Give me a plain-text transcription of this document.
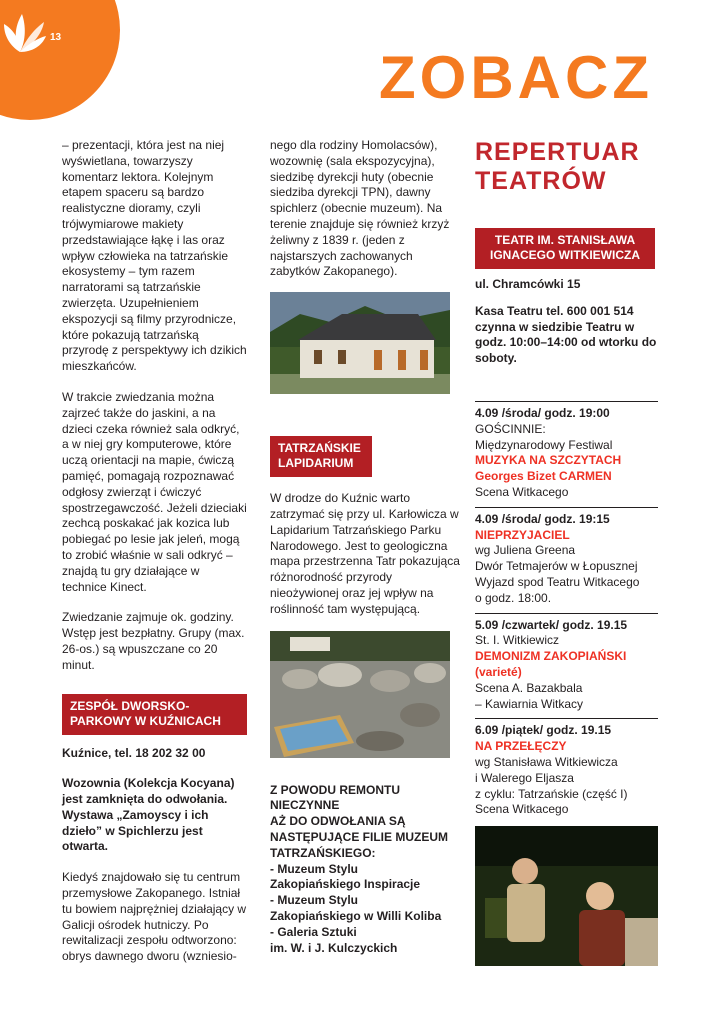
13
ZOBACZ

– prezentacji, która jest na niej wyświetlana, towarzyszy komentarz lektora. Kolejnym etapem spaceru są bardzo realistyczne dioramy, czyli trójwymiarowe makiety przedstawiające łąkę i las oraz wpływ człowieka na tatrzańskie ekosystemy – tym razem narratorami są tatrzańskie zwierzęta. Uzupełnieniem ekspozycji są filmy przyrodnicze, które pokazują tatrzańską przyrodę z perspektywy ich dzikich mieszkańców.

W trakcie zwiedzania można zajrzeć także do jaskini, a na dzieci czeka również sala odkryć, a w niej gry komputerowe, które uczą orientacji na mapie, ćwiczą pamięć, pomagają rozpoznawać odgłosy zwierząt i ćwiczyć spostrzegawczość. Jeżeli dzieciaki zechcą poskakać jak kozica lub pobiegać po lesie jak jeleń, mogą to zrobić właśnie w sali odkryć – znajdą tu gry działające w technice Kinect.

Zwiedzanie zajmuje ok. godziny. Wstęp jest bezpłatny. Grupy (max. 26-os.) są wpuszczane co 20 minut.

ZESPÓŁ DWORSKO-PARKOWY W KUŹNICACH

Kuźnice, tel. 18 202 32 00

Wozownia (Kolekcja Kocyana) jest zamknięta do odwołania. Wystawa „Zamoyscy i ich dzieło” w Spichlerzu jest otwarta.

Kiedyś znajdowało się tu centrum przemysłowe Zakopanego. Istniał tu bowiem najprężniej działający w Galicji ośrodek hutniczy. Po rewitalizacji zespołu odtworzono: obrys dawnego dworu (wzniesio-

nego dla rodziny Homolacsów), wozownię (sala ekspozycyjna), siedzibę dyrekcji huty (obecnie siedziba dyrekcji TPN), dawny spichlerz (obecnie muzeum). Na terenie znajduje się również krzyż żeliwny z 1839 r. (jeden z najstarszych zachowanych zabytków Zakopanego).

TATRZAŃSKIE LAPIDARIUM

W drodze do Kuźnic warto zatrzymać się przy ul. Karłowicza w Lapidarium Tatrzańskiego Parku Narodowego. Jest to geologiczna mapa przestrzenna Tatr pokazująca różnorodność przyrody nieożywionej oraz jej wpływ na roślinność tam występującą.

Z POWODU REMONTU
NIECZYNNE
AŻ DO ODWOŁANIA SĄ
NASTĘPUJĄCE FILIE MUZEUM
TATRZAŃSKIEGO:
- Muzeum Stylu
Zakopiańskiego Inspiracje
- Muzeum Stylu
Zakopiańskiego w Willi Koliba
- Galeria Sztuki
im. W. i J. Kulczyckich
REPERTUAR
TEATRÓW
TEATR IM. STANISŁAWA IGNACEGO WITKIEWICZA

ul. Chramcówki 15

Kasa Teatru tel. 600 001 514 czynna w siedzibie Teatru w godz. 10:00–14:00 od wtorku do soboty.

4.09 /środa/ godz. 19:00
GOŚCINNIE:
Międzynarodowy Festiwal
MUZYKA NA SZCZYTACH Georges Bizet CARMEN
Scena Witkacego
4.09 /środa/ godz. 19:15
NIEPRZYJACIEL
wg Juliena Greena
Dwór Tetmajerów w Łopusznej
Wyjazd spod Teatru Witkacego
o godz. 18:00.
5.09 /czwartek/ godz. 19.15
St. I. Witkiewicz
DEMONIZM ZAKOPIAŃSKI (varieté)
Scena A. Bazakbala
– Kawiarnia Witkacy
6.09 /piątek/ godz. 19.15
NA PRZEŁĘCZY
wg Stanisława Witkiewicza
i Walerego Eljasza
z cyklu: Tatrzańskie (część I)
Scena Witkacego
